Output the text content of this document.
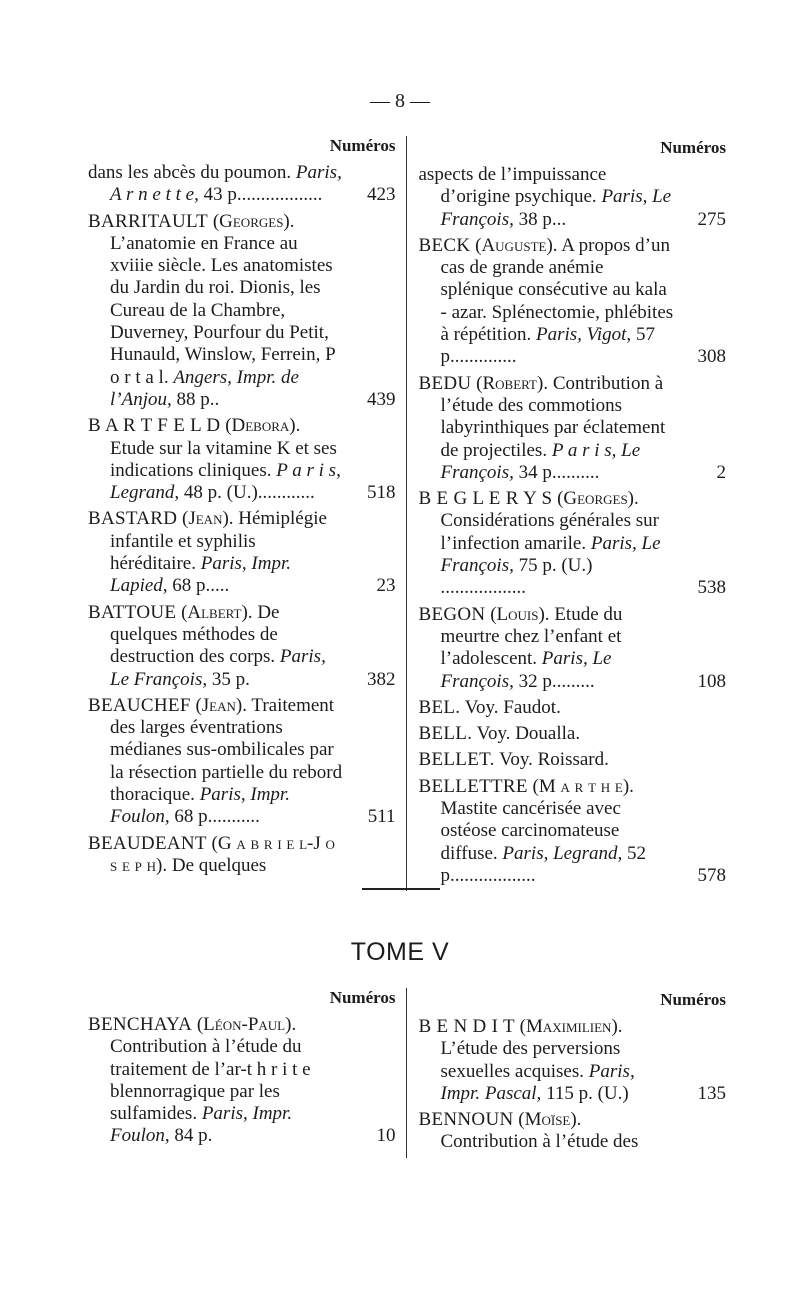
— 8 —
Numéros
dans les abcès du poumon. Paris, A r n e t t e, 43 p..................	423
BARRITAULT (Georges). L’anatomie en France au xviiie siècle. Les anatomistes du Jardin du roi. Dionis, les Cureau de la Chambre, Duverney, Pourfour du Petit, Hunauld, Winslow, Ferrein, P o r t a l. Angers, Impr. de l’Anjou, 88 p..	439
B A R T F E L D (Debora). Etude sur la vitamine K et ses indications cliniques. P a r i s, Legrand, 48 p. (U.)............	518
BASTARD (Jean). Hémiplégie infantile et syphilis héréditaire. Paris, Impr. Lapied, 68 p.....	23
BATTOUE (Albert). De quelques méthodes de destruction des corps. Paris, Le François, 35 p.	382
BEAUCHEF (Jean). Traitement des larges éventrations médianes sus-ombilicales par la résection partielle du rebord thoracique. Paris, Impr. Foulon, 68 p...........	511
BEAUDEANT (G a b r i e l-J o s e p h). De quelques
Numéros
aspects de l’impuissance d’origine psychique. Paris, Le François, 38 p...	275
BECK (Auguste). A propos d’un cas de grande anémie splénique consécutive au kala - azar. Splénectomie, phlébites à répétition. Paris, Vigot, 57 p..............	308
BEDU (Robert). Contribution à l’étude des commotions labyrinthiques par éclatement de projectiles. P a r i s, Le François, 34 p..........	2
B E G L E R Y S (Georges). Considérations générales sur l’infection amarile. Paris, Le François, 75 p. (U.) ..................	538
BEGON (Louis). Etude du meurtre chez l’enfant et l’adolescent. Paris, Le François, 32 p.........	108
BEL. Voy. Faudot.
BELL. Voy. Doualla.
BELLET. Voy. Roissard.
BELLETTRE (M a r t h e). Mastite cancérisée avec ostéose carcinomateuse diffuse. Paris, Legrand, 52 p..................	578
TOME V
Numéros
BENCHAYA (Léon-Paul). Contribution à l’étude du traitement de l’ar-t h r i t e blennorragique par les sulfamides. Paris, Impr. Foulon, 84 p.	10
Numéros
B E N D I T (Maximilien). L’étude des perversions sexuelles acquises. Paris, Impr. Pascal, 115 p. (U.)	135
BENNOUN (Moïse). Contribution à l’étude des
